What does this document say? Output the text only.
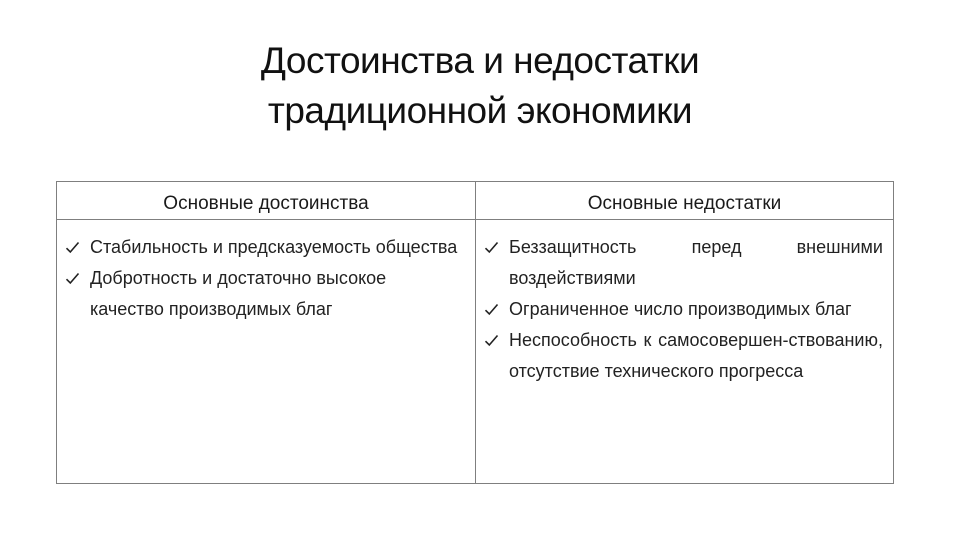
Достоинства и недостатки
традиционной экономики
Основные достоинства	Основные недостатки
Стабильность и предсказуемость общества
Добротность и достаточно высокое качество производимых благ
Беззащитность перед внешними воздействиями
Ограниченное число производимых благ
Неспособность к самосовершен-ствованию, отсутствие технического прогресса
